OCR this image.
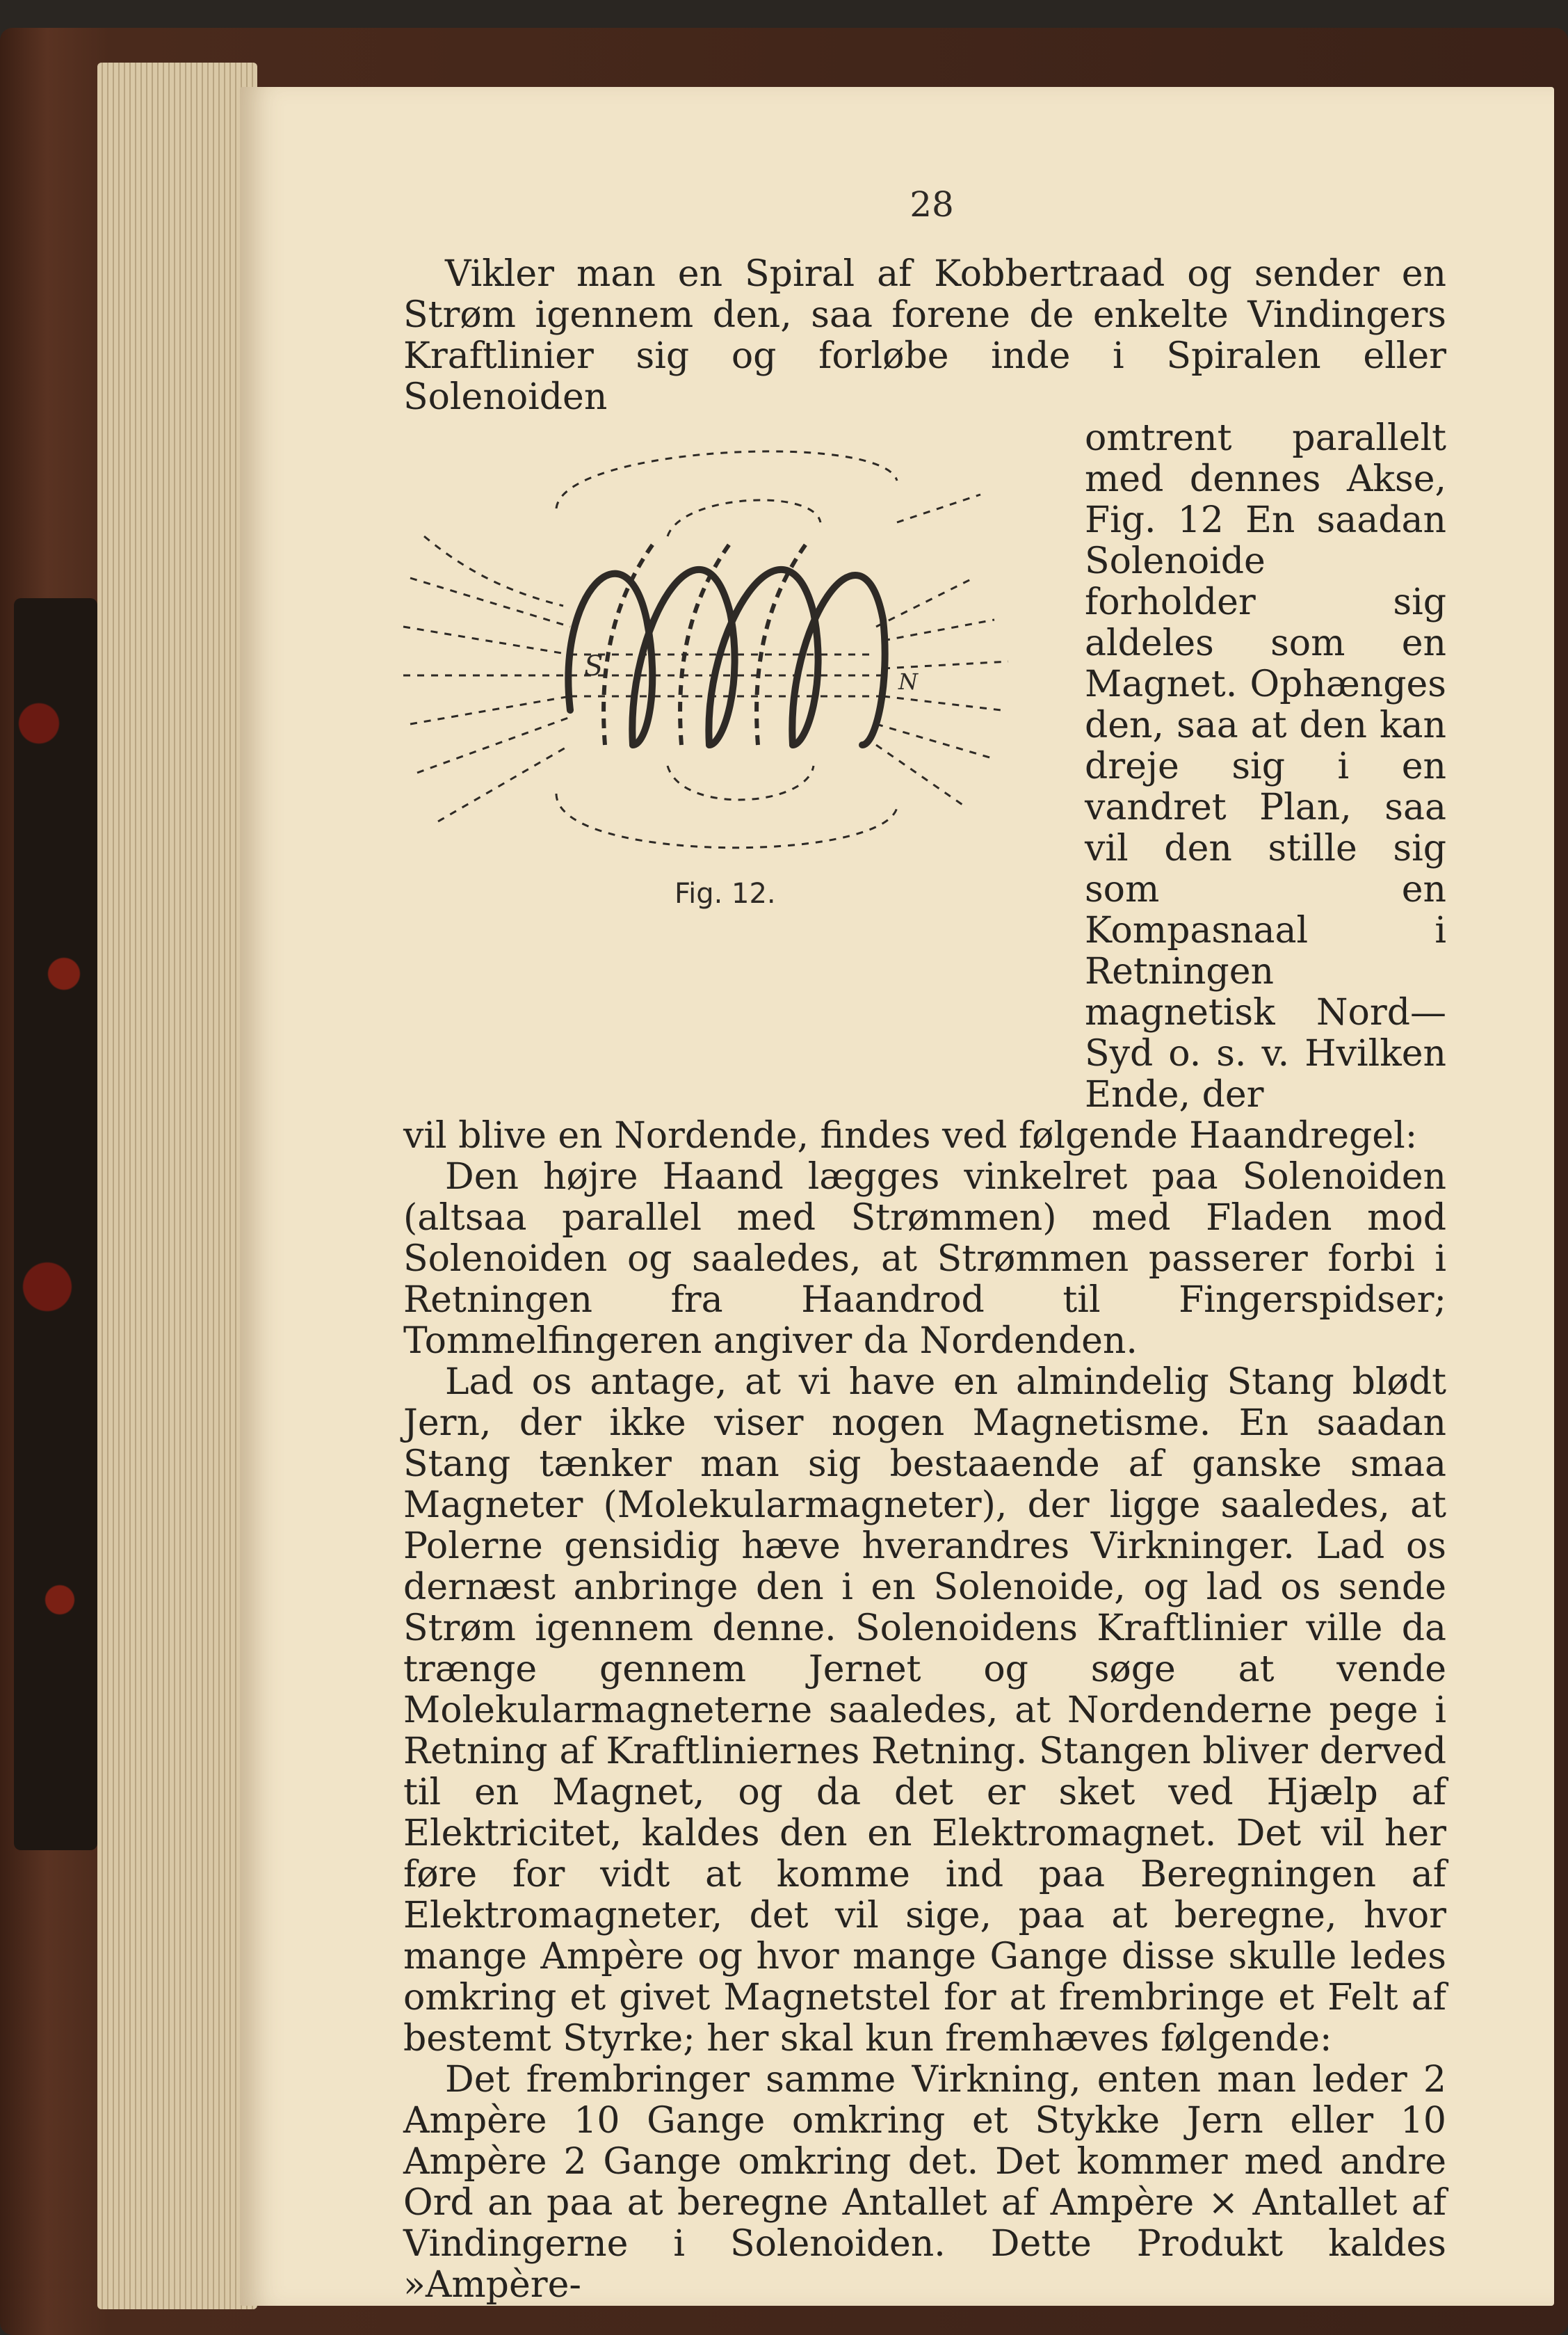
28

Vikler man en Spiral af Kobbertraad og sender en Strøm igennem den, saa forene de enkelte Vindingers Kraftlinier sig og forløbe inde i Spiralen eller Solenoiden

S	N
Fig. 12.

omtrent parallelt med dennes Akse, Fig. 12 En saadan Solenoide forholder sig aldeles som en Magnet. Ophænges den, saa at den kan dreje sig i en vandret Plan, saa vil den stille sig som en Kompasnaal i Retningen magnetisk Nord—Syd o. s. v. Hvilken Ende, der

vil blive en Nordende, findes ved følgende Haandregel:

Den højre Haand lægges vinkelret paa Solenoiden (altsaa parallel med Strømmen) med Fladen mod Solenoiden og saaledes, at Strømmen passerer forbi i Retningen fra Haandrod til Fingerspidser; Tommelfingeren angiver da Nordenden.

Lad os antage, at vi have en almindelig Stang blødt Jern, der ikke viser nogen Magnetisme. En saadan Stang tænker man sig bestaaende af ganske smaa Magneter (Molekularmagneter), der ligge saaledes, at Polerne gensidig hæve hverandres Virkninger. Lad os dernæst anbringe den i en Solenoide, og lad os sende Strøm igennem denne. Solenoidens Kraftlinier ville da trænge gennem Jernet og søge at vende Molekularmagneterne saaledes, at Nordenderne pege i Retning af Kraftliniernes Retning. Stangen bliver derved til en Magnet, og da det er sket ved Hjælp af Elektricitet, kaldes den en Elektromagnet. Det vil her føre for vidt at komme ind paa Beregningen af Elektromagneter, det vil sige, paa at beregne, hvor mange Ampère og hvor mange Gange disse skulle ledes omkring et givet Magnetstel for at frembringe et Felt af bestemt Styrke; her skal kun fremhæves følgende:

Det frembringer samme Virkning, enten man leder 2 Ampère 10 Gange omkring et Stykke Jern eller 10 Ampère 2 Gange omkring det. Det kommer med andre Ord an paa at beregne Antallet af Ampère × Antallet af Vindingerne i Solenoiden. Dette Produkt kaldes »Ampère-
